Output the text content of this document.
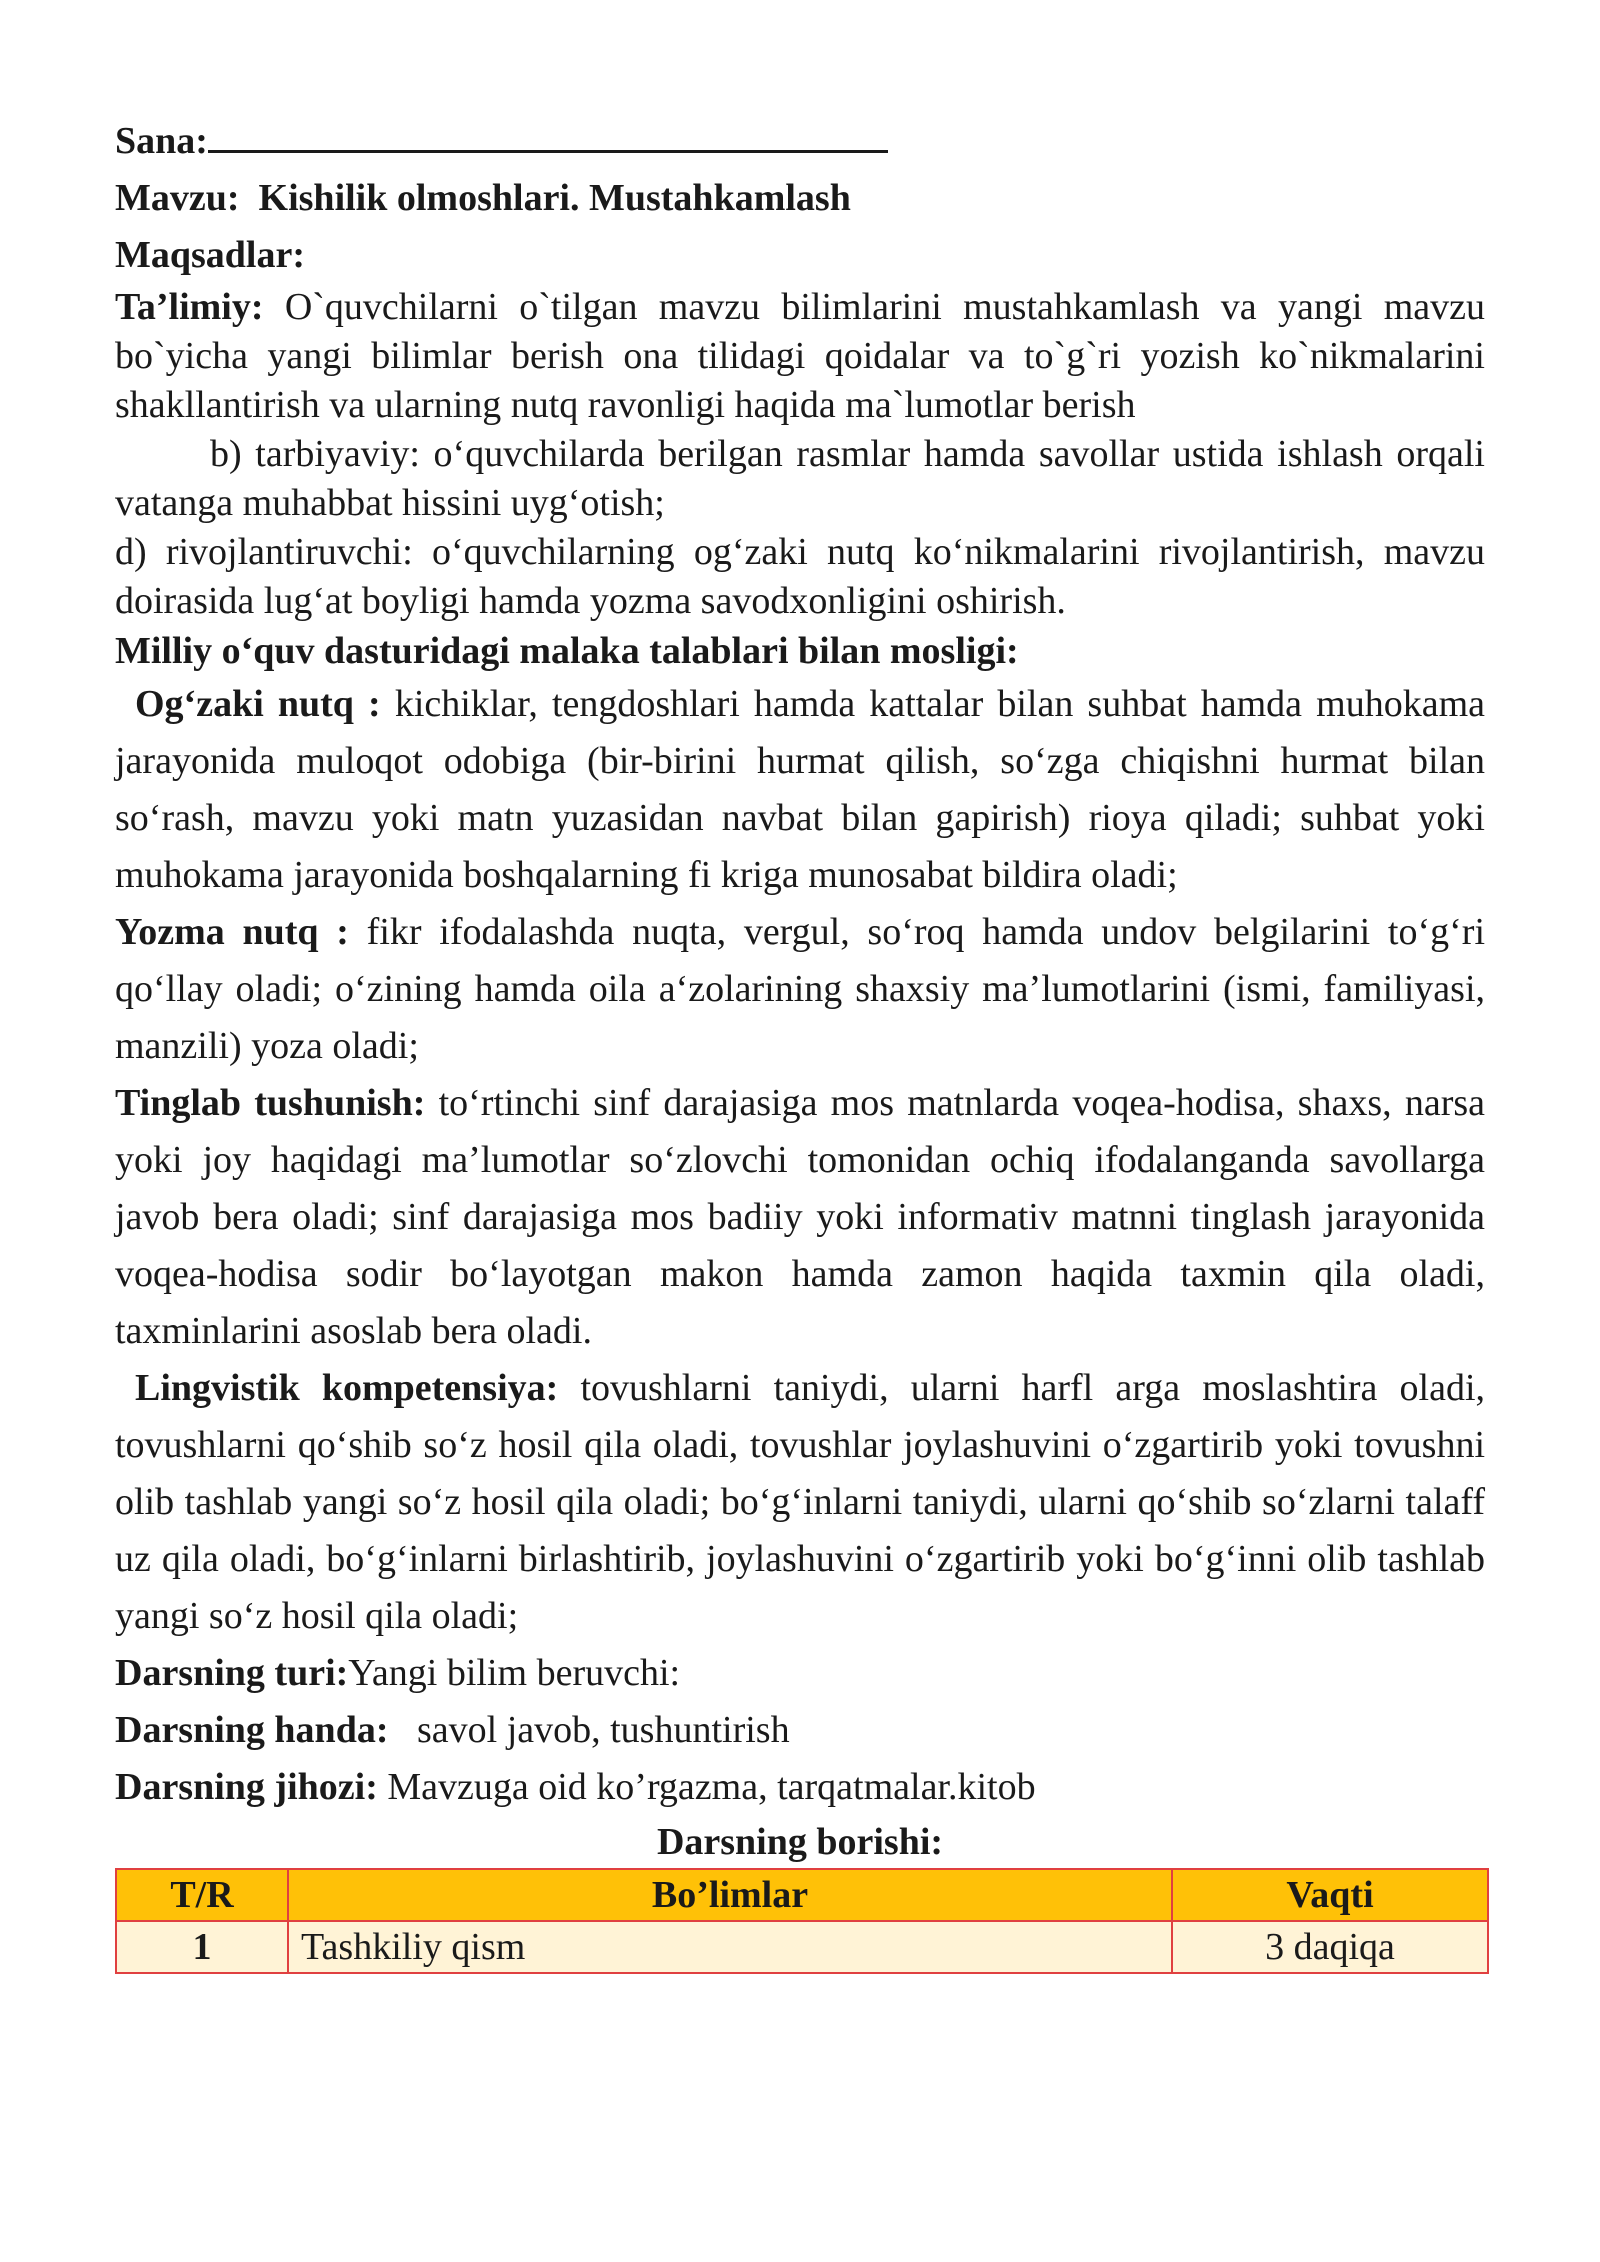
Sana:

Mavzu: Kishilik olmoshlari. Mustahkamlash

Maqsadlar:

Ta’limiy: O`quvchilarni o`tilgan mavzu bilimlarini mustahkamlash va yangi mavzu bo`yicha yangi bilimlar berish ona tilidagi qoidalar va to`g`ri yozish ko`nikmalarini shakllantirish va ularning nutq ravonligi haqida ma`lumotlar berish

b) tarbiyaviy: o‘quvchilarda berilgan rasmlar hamda savollar ustida ishlash orqali vatanga muhabbat hissini uyg‘otish;

d) rivojlantiruvchi: o‘quvchilarning og‘zaki nutq ko‘nikmalarini rivojlantirish, mavzu doirasida lug‘at boyligi hamda yozma savodxonligini oshirish.

Milliy o‘quv dasturidagi malaka talablari bilan mosligi:

Og‘zaki nutq : kichiklar, tengdoshlari hamda kattalar bilan suhbat hamda muhokama jarayonida muloqot odobiga (bir-birini hurmat qilish, so‘zga chiqishni hurmat bilan so‘rash, mavzu yoki matn yuzasidan navbat bilan gapirish) rioya qiladi; suhbat yoki muhokama jarayonida boshqalarning fi kriga munosabat bildira oladi;

Yozma nutq : fikr ifodalashda nuqta, vergul, so‘roq hamda undov belgilarini to‘g‘ri qo‘llay oladi; o‘zining hamda oila a‘zolarining shaxsiy ma’lumotlarini (ismi, familiyasi, manzili) yoza oladi;

Tinglab tushunish: to‘rtinchi sinf darajasiga mos matnlarda voqea-hodisa, shaxs, narsa yoki joy haqidagi ma’lumotlar so‘zlovchi tomonidan ochiq ifodalanganda savollarga javob bera oladi; sinf darajasiga mos badiiy yoki informativ matnni tinglash jarayonida voqea-hodisa sodir bo‘layotgan makon hamda zamon haqida taxmin qila oladi, taxminlarini asoslab bera oladi.

Lingvistik kompetensiya: tovushlarni taniydi, ularni harfl arga moslashtira oladi, tovushlarni qo‘shib so‘z hosil qila oladi, tovushlar joylashuvini o‘zgartirib yoki tovushni olib tashlab yangi so‘z hosil qila oladi; bo‘g‘inlarni taniydi, ularni qo‘shib so‘zlarni talaff uz qila oladi, bo‘g‘inlarni birlashtirib, joylashuvini o‘zgartirib yoki bo‘g‘inni olib tashlab yangi so‘z hosil qila oladi;

Darsning turi:Yangi bilim beruvchi:

Darsning handa: savol javob, tushuntirish

Darsning jihozi: Mavzuga oid ko’rgazma, tarqatmalar.kitob

Darsning borishi:

T/R	Bo’limlar	Vaqti
1	Tashkiliy qism	3 daqiqa
